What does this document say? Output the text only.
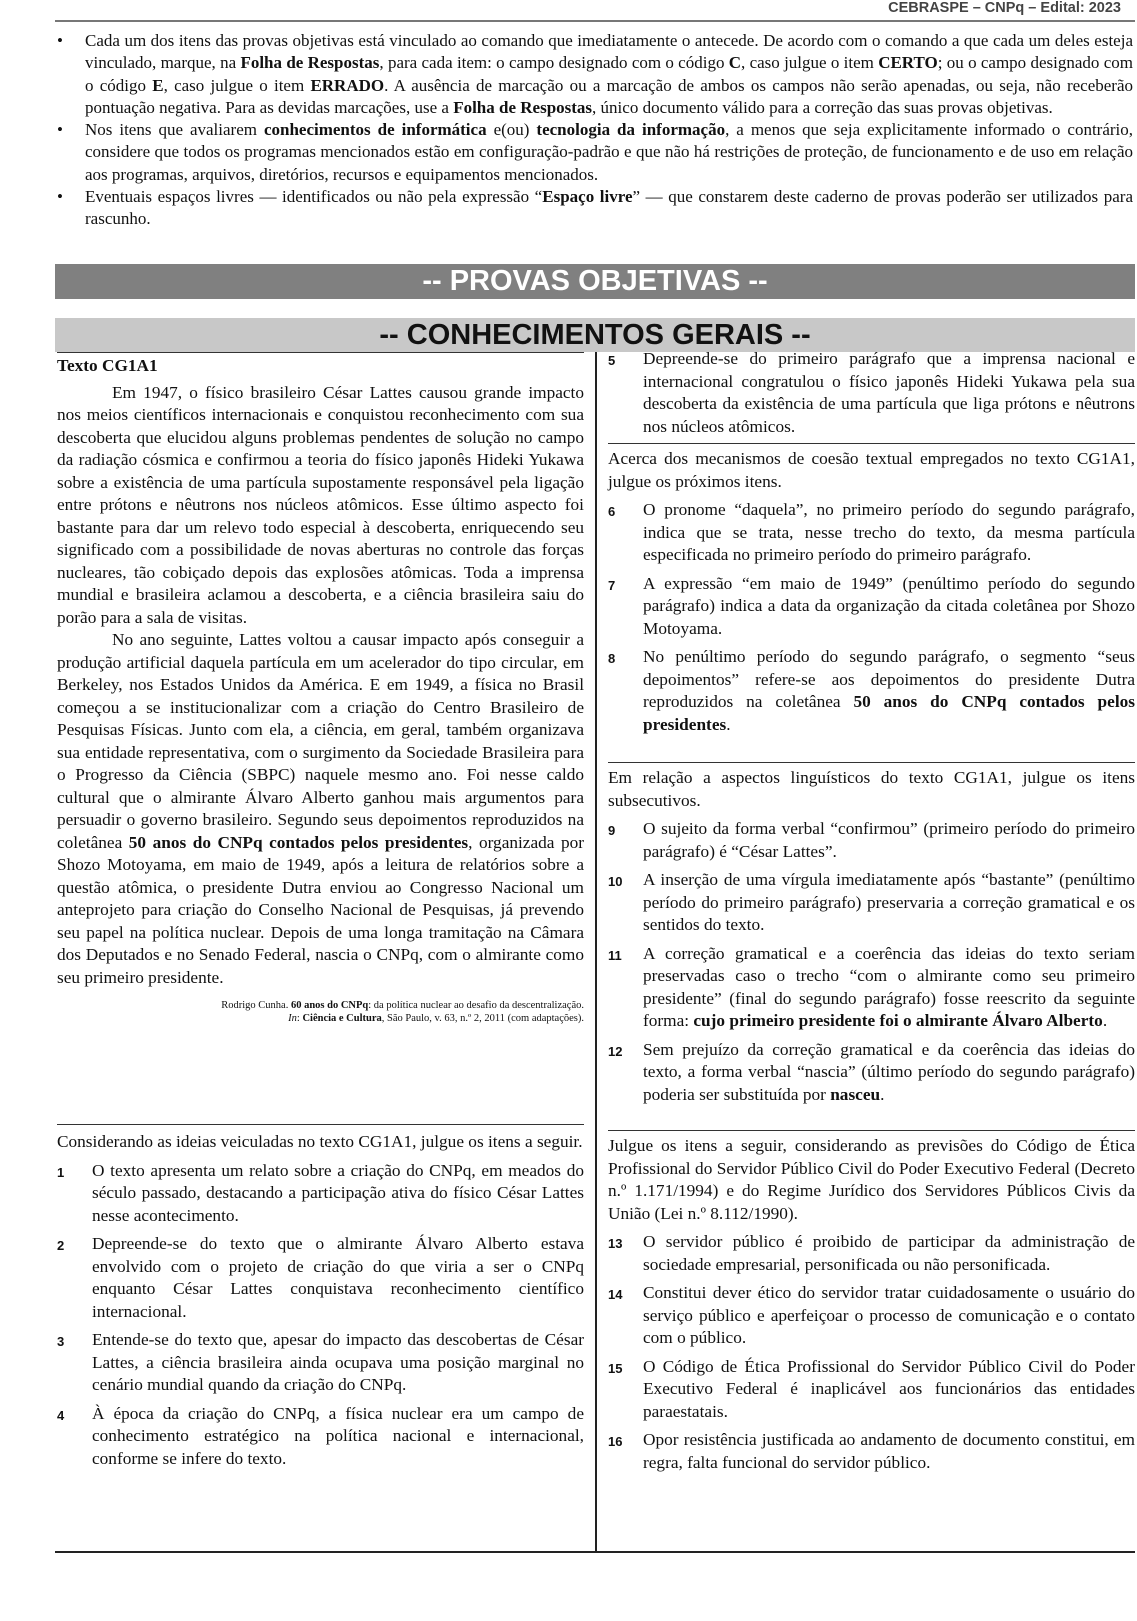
CEBRASPE – CNPq – Edital: 2023
• Cada um dos itens das provas objetivas está vinculado ao comando que imediatamente o antecede. De acordo com o comando a que cada um deles esteja vinculado, marque, na Folha de Respostas, para cada item: o campo designado com o código C, caso julgue o item CERTO; ou o campo designado com o código E, caso julgue o item ERRADO. A ausência de marcação ou a marcação de ambos os campos não serão apenadas, ou seja, não receberão pontuação negativa. Para as devidas marcações, use a Folha de Respostas, único documento válido para a correção das suas provas objetivas.
• Nos itens que avaliarem conhecimentos de informática e(ou) tecnologia da informação, a menos que seja explicitamente informado o contrário, considere que todos os programas mencionados estão em configuração-padrão e que não há restrições de proteção, de funcionamento e de uso em relação aos programas, arquivos, diretórios, recursos e equipamentos mencionados.
• Eventuais espaços livres — identificados ou não pela expressão “Espaço livre” — que constarem deste caderno de provas poderão ser utilizados para rascunho.
-- PROVAS OBJETIVAS --
-- CONHECIMENTOS GERAIS --

Texto CG1A1

Em 1947, o físico brasileiro César Lattes causou grande impacto nos meios científicos internacionais e conquistou reconhecimento com sua descoberta que elucidou alguns problemas pendentes de solução no campo da radiação cósmica e confirmou a teoria do físico japonês Hideki Yukawa sobre a existência de uma partícula supostamente responsável pela ligação entre prótons e nêutrons nos núcleos atômicos. Esse último aspecto foi bastante para dar um relevo todo especial à descoberta, enriquecendo seu significado com a possibilidade de novas aberturas no controle das forças nucleares, tão cobiçado depois das explosões atômicas. Toda a imprensa mundial e brasileira aclamou a descoberta, e a ciência brasileira saiu do porão para a sala de visitas.

No ano seguinte, Lattes voltou a causar impacto após conseguir a produção artificial daquela partícula em um acelerador do tipo circular, em Berkeley, nos Estados Unidos da América. E em 1949, a física no Brasil começou a se institucionalizar com a criação do Centro Brasileiro de Pesquisas Físicas. Junto com ela, a ciência, em geral, também organizava sua entidade representativa, com o surgimento da Sociedade Brasileira para o Progresso da Ciência (SBPC) naquele mesmo ano. Foi nesse caldo cultural que o almirante Álvaro Alberto ganhou mais argumentos para persuadir o governo brasileiro. Segundo seus depoimentos reproduzidos na coletânea 50 anos do CNPq contados pelos presidentes, organizada por Shozo Motoyama, em maio de 1949, após a leitura de relatórios sobre a questão atômica, o presidente Dutra enviou ao Congresso Nacional um anteprojeto para criação do Conselho Nacional de Pesquisas, já prevendo seu papel na política nuclear. Depois de uma longa tramitação na Câmara dos Deputados e no Senado Federal, nascia o CNPq, com o almirante como seu primeiro presidente.

Rodrigo Cunha. 60 anos do CNPq: da política nuclear ao desafio da descentralização.

In: Ciência e Cultura, São Paulo, v. 63, n.º 2, 2011 (com adaptações).

Considerando as ideias veiculadas no texto CG1A1, julgue os itens a seguir.

1 O texto apresenta um relato sobre a criação do CNPq, em meados do século passado, destacando a participação ativa do físico César Lattes nesse acontecimento.

2 Depreende-se do texto que o almirante Álvaro Alberto estava envolvido com o projeto de criação do que viria a ser o CNPq enquanto César Lattes conquistava reconhecimento científico internacional.

3 Entende-se do texto que, apesar do impacto das descobertas de César Lattes, a ciência brasileira ainda ocupava uma posição marginal no cenário mundial quando da criação do CNPq.

4 À época da criação do CNPq, a física nuclear era um campo de conhecimento estratégico na política nacional e internacional, conforme se infere do texto.

5 Depreende-se do primeiro parágrafo que a imprensa nacional e internacional congratulou o físico japonês Hideki Yukawa pela sua descoberta da existência de uma partícula que liga prótons e nêutrons nos núcleos atômicos.

Acerca dos mecanismos de coesão textual empregados no texto CG1A1, julgue os próximos itens.

6 O pronome “daquela”, no primeiro período do segundo parágrafo, indica que se trata, nesse trecho do texto, da mesma partícula especificada no primeiro período do primeiro parágrafo.

7 A expressão “em maio de 1949” (penúltimo período do segundo parágrafo) indica a data da organização da citada coletânea por Shozo Motoyama.

8 No penúltimo período do segundo parágrafo, o segmento “seus depoimentos” refere-se aos depoimentos do presidente Dutra reproduzidos na coletânea 50 anos do CNPq contados pelos presidentes.

Em relação a aspectos linguísticos do texto CG1A1, julgue os itens subsecutivos.

9 O sujeito da forma verbal “confirmou” (primeiro período do primeiro parágrafo) é “César Lattes”.

10 A inserção de uma vírgula imediatamente após “bastante” (penúltimo período do primeiro parágrafo) preservaria a correção gramatical e os sentidos do texto.

11 A correção gramatical e a coerência das ideias do texto seriam preservadas caso o trecho “com o almirante como seu primeiro presidente” (final do segundo parágrafo) fosse reescrito da seguinte forma: cujo primeiro presidente foi o almirante Álvaro Alberto.

12 Sem prejuízo da correção gramatical e da coerência das ideias do texto, a forma verbal “nascia” (último período do segundo parágrafo) poderia ser substituída por nasceu.

Julgue os itens a seguir, considerando as previsões do Código de Ética Profissional do Servidor Público Civil do Poder Executivo Federal (Decreto n.º 1.171/1994) e do Regime Jurídico dos Servidores Públicos Civis da União (Lei n.º 8.112/1990).

13 O servidor público é proibido de participar da administração de sociedade empresarial, personificada ou não personificada.

14 Constitui dever ético do servidor tratar cuidadosamente o usuário do serviço público e aperfeiçoar o processo de comunicação e o contato com o público.

15 O Código de Ética Profissional do Servidor Público Civil do Poder Executivo Federal é inaplicável aos funcionários das entidades paraestatais.

16 Opor resistência justificada ao andamento de documento constitui, em regra, falta funcional do servidor público.
